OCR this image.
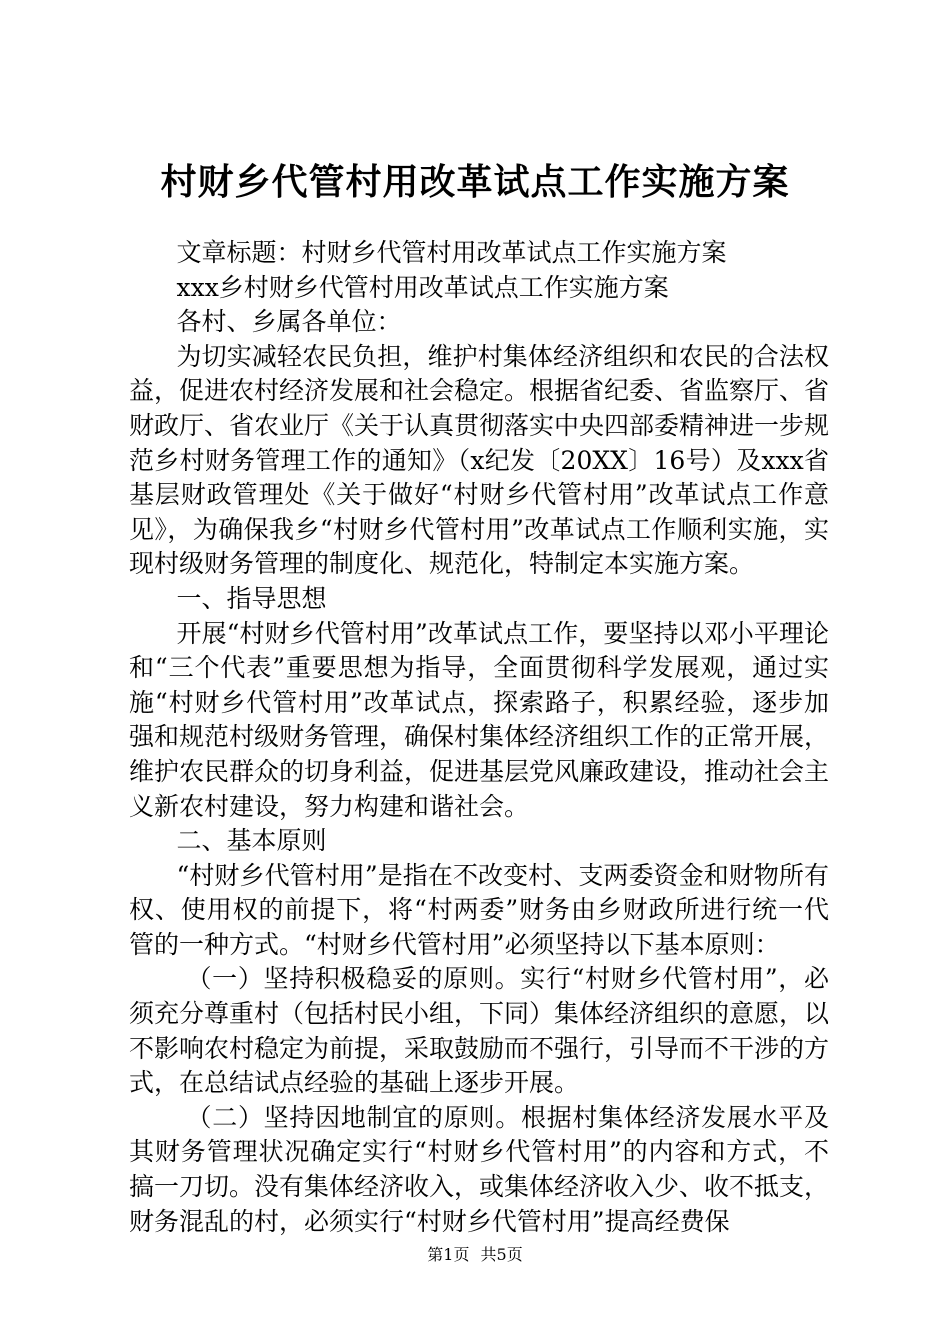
村财乡代管村用改革试点工作实施方案

文章标题：村财乡代管村用改革试点工作实施方案

xxx乡村财乡代管村用改革试点工作实施方案

各村、乡属各单位：

为切实减轻农民负担，维护村集体经济组织和农民的合法权益，促进农村经济发展和社会稳定。根据省纪委、省监察厅、省财政厅、省农业厅《关于认真贯彻落实中央四部委精神进一步规范乡村财务管理工作的通知》（x纪发〔20XX〕16号）及xxx省基层财政管理处《关于做好“村财乡代管村用”改革试点工作意见》，为确保我乡“村财乡代管村用”改革试点工作顺利实施，实现村级财务管理的制度化、规范化，特制定本实施方案。

一、指导思想

开展“村财乡代管村用”改革试点工作，要坚持以邓小平理论和“三个代表”重要思想为指导，全面贯彻科学发展观，通过实施“村财乡代管村用”改革试点，探索路子，积累经验，逐步加强和规范村级财务管理，确保村集体经济组织工作的正常开展，维护农民群众的切身利益，促进基层党风廉政建设，推动社会主义新农村建设，努力构建和谐社会。

二、基本原则

“村财乡代管村用”是指在不改变村、支两委资金和财物所有权、使用权的前提下，将“村两委”财务由乡财政所进行统一代管的一种方式。“村财乡代管村用”必须坚持以下基本原则：

（一）坚持积极稳妥的原则。实行“村财乡代管村用”，必须充分尊重村（包括村民小组，下同）集体经济组织的意愿，以不影响农村稳定为前提，采取鼓励而不强行，引导而不干涉的方式，在总结试点经验的基础上逐步开展。

（二）坚持因地制宜的原则。根据村集体经济发展水平及其财务管理状况确定实行“村财乡代管村用”的内容和方式，不搞一刀切。没有集体经济收入，或集体经济收入少、收不抵支，财务混乱的村，必须实行“村财乡代管村用”提高经费保

第1页 共5页
